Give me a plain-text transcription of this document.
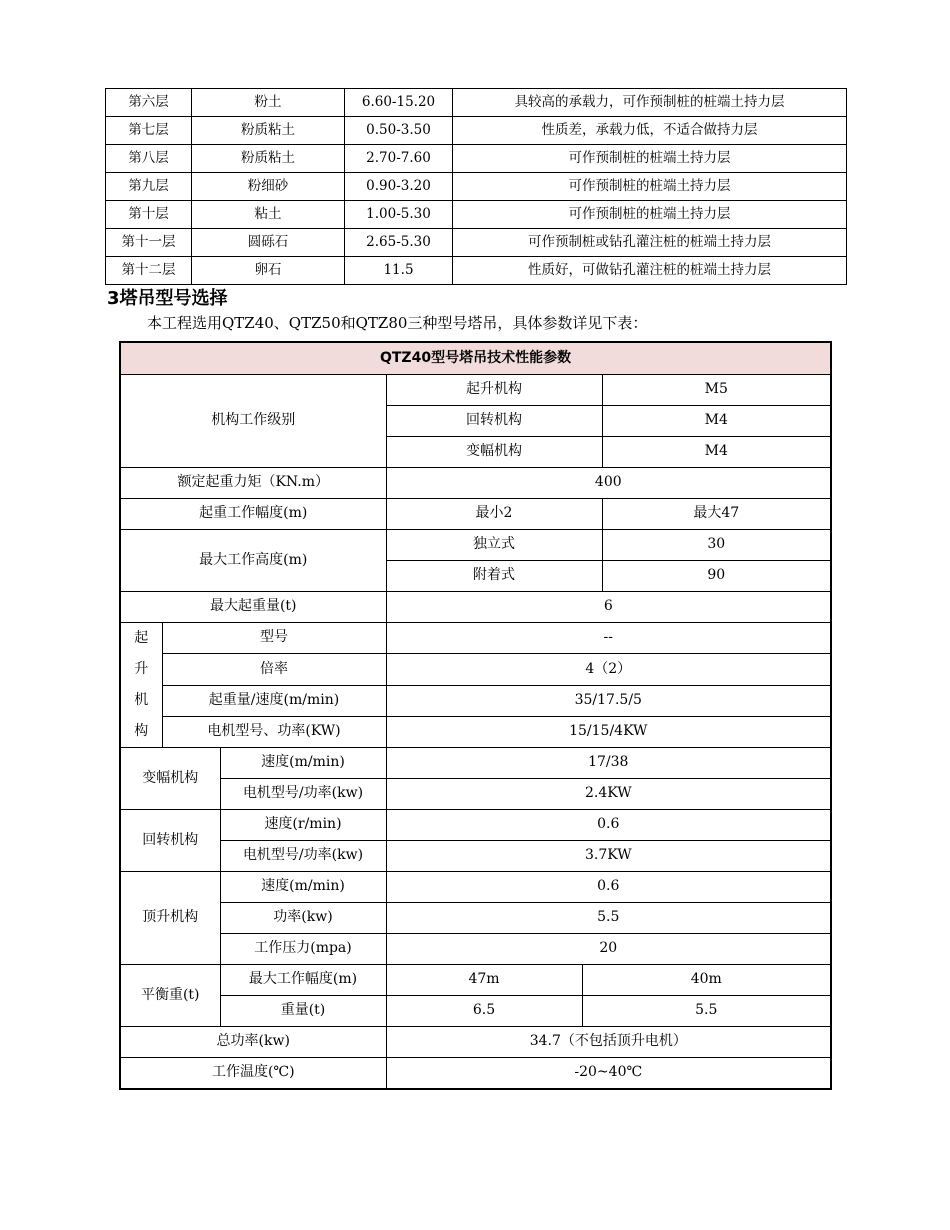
第六层	粉土	6.60-15.20	具较高的承载力，可作预制桩的桩端土持力层
第七层	粉质粘土	0.50-3.50	性质差，承载力低，不适合做持力层
第八层	粉质粘土	2.70-7.60	可作预制桩的桩端土持力层
第九层	粉细砂	0.90-3.20	可作预制桩的桩端土持力层
第十层	粘土	1.00-5.30	可作预制桩的桩端土持力层
第十一层	圆砾石	2.65-5.30	可作预制桩或钻孔灌注桩的桩端土持力层
第十二层	卵石	11.5	性质好，可做钻孔灌注桩的桩端土持力层
3塔吊型号选择
本工程选用QTZ40、QTZ50和QTZ80三种型号塔吊，具体参数详见下表：
QTZ40型号塔吊技术性能参数					
机构工作级别			起升机构		M5
			回转机构		M4
			变幅机构		M4
额定起重力矩（KN.m）			400		
起重工作幅度(m)			最小2		最大47
最大工作高度(m)			独立式		30
			附着式		90
最大起重量(t)			6		

起
升
机
构	型号		--		
	倍率		4（2）		
	起重量/速度(m/min)		35/17.5/5		
	电机型号、功率(KW)		15/15/4KW		
变幅机构		速度(m/min)	17/38		
		电机型号/功率(kw)	2.4KW		
回转机构		速度(r/min)	0.6		
		电机型号/功率(kw)	3.7KW		
顶升机构		速度(m/min)	0.6		
		功率(kw)	5.5		
		工作压力(mpa)	20		
平衡重(t)		最大工作幅度(m)	47m	40m	
		重量(t)	6.5	5.5	
总功率(kw)			34.7（不包括顶升电机）		
工作温度(℃)			-20~40℃		
